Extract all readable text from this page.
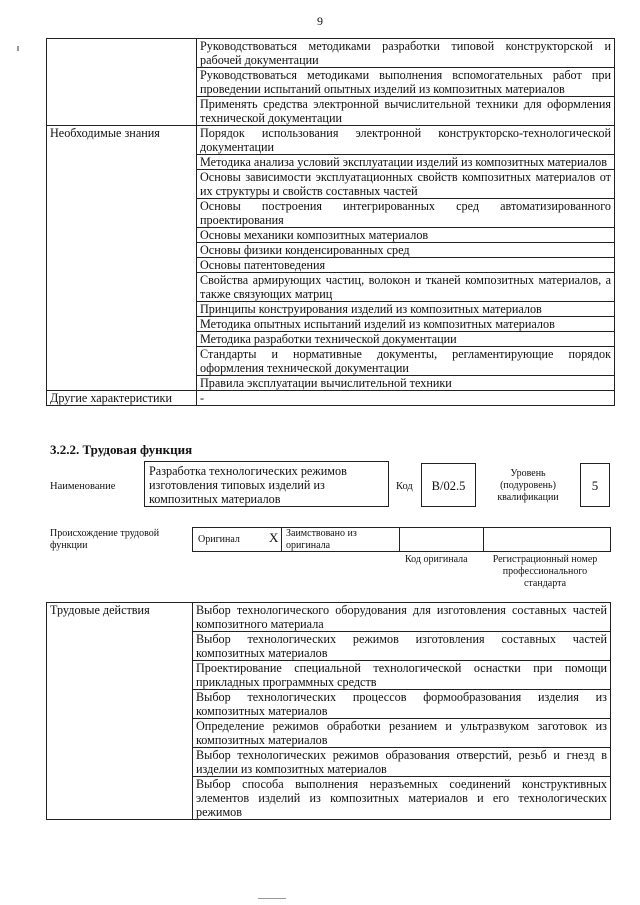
9
	Руководствоваться методиками разработки типовой конструкторской и рабочей документации
	Руководствоваться методиками выполнения вспомогательных работ при проведении испытаний опытных изделий из композитных материалов
	Применять средства электронной вычислительной техники для оформления технической документации
Необходимые знания	Порядок использования электронной конструкторско-технологической документации
	Методика анализа условий эксплуатации изделий из композитных материалов
	Основы зависимости эксплуатационных свойств композитных материалов от их структуры и свойств составных частей
	Основы построения интегрированных сред автоматизированного проектирования
	Основы механики композитных материалов
	Основы физики конденсированных сред
	Основы патентоведения
	Свойства армирующих частиц, волокон и тканей композитных материалов, а также связующих матриц
	Принципы конструирования изделий из композитных материалов
	Методика опытных испытаний изделий из композитных материалов
	Методика разработки технической документации
	Стандарты и нормативные документы, регламентирующие порядок оформления технической документации
	Правила эксплуатации вычислительной техники
Другие характеристики	-
3.2.2. Трудовая функция
Наименование
Разработка технологических режимов изготовления типовых изделий из композитных материалов
Код	B/02.5
Уровень (подуровень) квалификации
5
Происхождение трудовой функции
Оригинал X Заимствовано из оригинала
Код оригинала	Регистрационный номер профессионального стандарта
Трудовые действия	Выбор технологического оборудования для изготовления составных частей композитного материала
Выбор технологических режимов изготовления составных частей композитных материалов
Проектирование специальной технологической оснастки при помощи прикладных программных средств
Выбор технологических процессов формообразования изделия из композитных материалов
Определение режимов обработки резанием и ультразвуком заготовок из композитных материалов
Выбор технологических режимов образования отверстий, резьб и гнезд в изделии из композитных материалов
Выбор способа выполнения неразъемных соединений конструктивных элементов изделий из композитных материалов и его технологических режимов
